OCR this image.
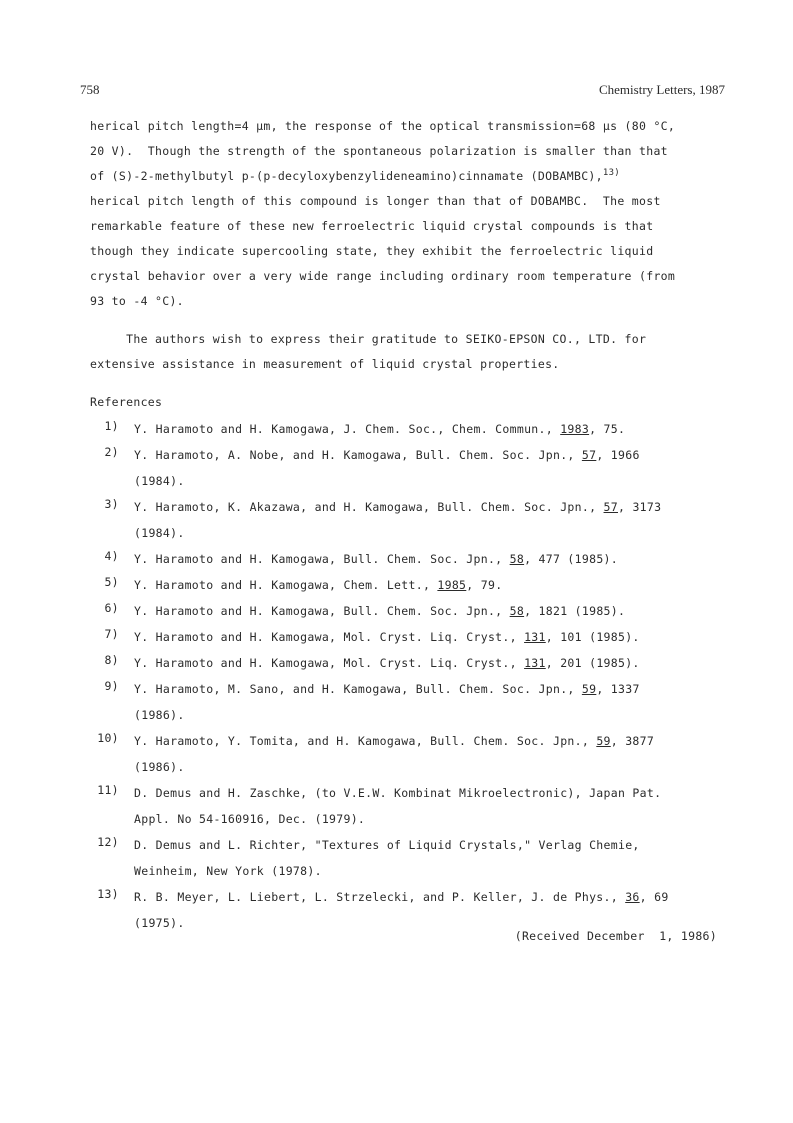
758	Chemistry Letters, 1987
herical pitch length=4 μm, the response of the optical transmission=68 μs (80 °C,
20 V).  Though the strength of the spontaneous polarization is smaller than that
of (S)-2-methylbutyl p-(p-decyloxybenzylideneamino)cinnamate (DOBAMBC),$^{13)}$
herical pitch length of this compound is longer than that of DOBAMBC.  The most
remarkable feature of these new ferroelectric liquid crystal compounds is that
though they indicate supercooling state, they exhibit the ferroelectric liquid
crystal behavior over a very wide range including ordinary room temperature (from
93 to -4 °C).
The authors wish to express their gratitude to SEIKO-EPSON CO., LTD. for
extensive assistance in measurement of liquid crystal properties.
References
1)	Y. Haramoto and H. Kamogawa, J. Chem. Soc., Chem. Commun., 1983, 75.
2)	Y. Haramoto, A. Nobe, and H. Kamogawa, Bull. Chem. Soc. Jpn., 57, 1966
(1984).
3)	Y. Haramoto, K. Akazawa, and H. Kamogawa, Bull. Chem. Soc. Jpn., 57, 3173
(1984).
4)	Y. Haramoto and H. Kamogawa, Bull. Chem. Soc. Jpn., 58, 477 (1985).
5)	Y. Haramoto and H. Kamogawa, Chem. Lett., 1985, 79.
6)	Y. Haramoto and H. Kamogawa, Bull. Chem. Soc. Jpn., 58, 1821 (1985).
7)	Y. Haramoto and H. Kamogawa, Mol. Cryst. Liq. Cryst., 131, 101 (1985).
8)	Y. Haramoto and H. Kamogawa, Mol. Cryst. Liq. Cryst., 131, 201 (1985).
9)	Y. Haramoto, M. Sano, and H. Kamogawa, Bull. Chem. Soc. Jpn., 59, 1337
(1986).
10)	Y. Haramoto, Y. Tomita, and H. Kamogawa, Bull. Chem. Soc. Jpn., 59, 3877
(1986).
11)	D. Demus and H. Zaschke, (to V.E.W. Kombinat Mikroelectronic), Japan Pat.
Appl. No 54-160916, Dec. (1979).
12)	D. Demus and L. Richter, "Textures of Liquid Crystals," Verlag Chemie,
Weinheim, New York (1978).
13)	R. B. Meyer, L. Liebert, L. Strzelecki, and P. Keller, J. de Phys., 36, 69
(1975).
(Received December  1, 1986)
